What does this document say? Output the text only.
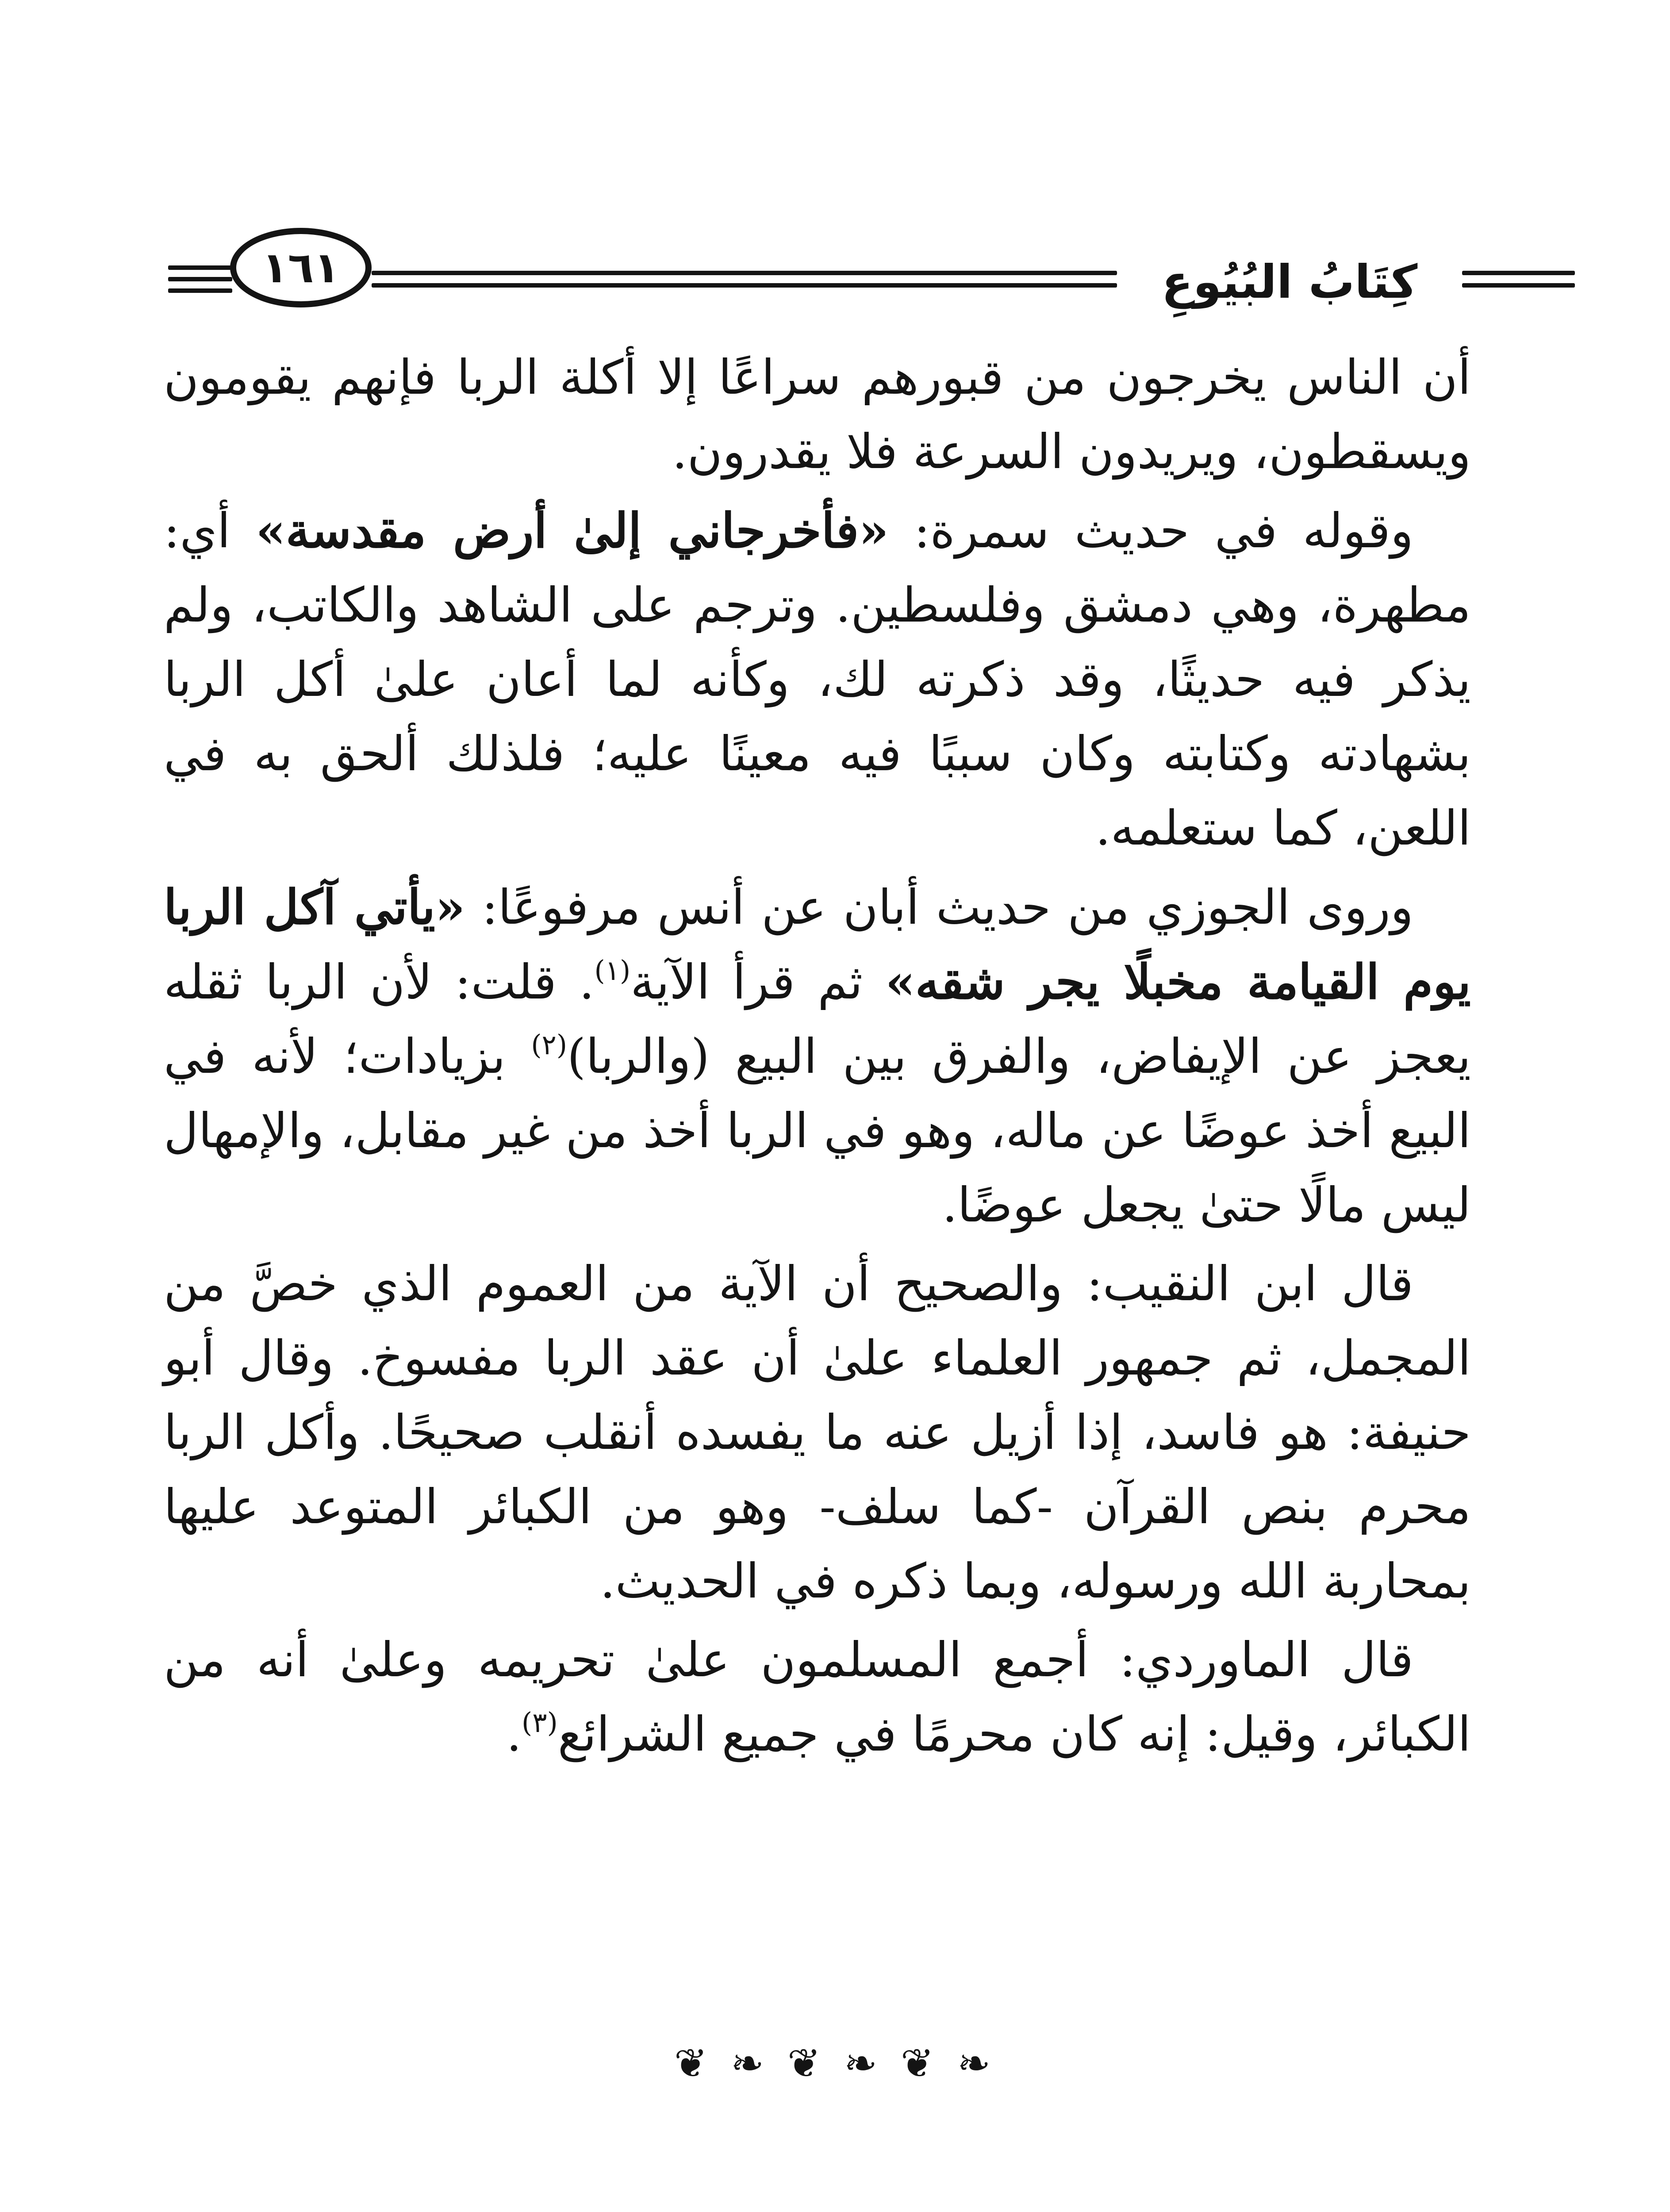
كِتَابُ البُيُوعِ
١٦١

أن الناس يخرجون من قبورهم سراعًا إلا أكلة الربا فإنهم يقومون ويسقطون، ويريدون السرعة فلا يقدرون.

وقوله في حديث سمرة: «فأخرجاني إلىٰ أرض مقدسة» أي: مطهرة، وهي دمشق وفلسطين. وترجم على الشاهد والكاتب، ولم يذكر فيه حديثًا، وقد ذكرته لك، وكأنه لما أعان علىٰ أكل الربا بشهادته وكتابته وكان سببًا فيه معينًا عليه؛ فلذلك ألحق به في اللعن، كما ستعلمه.

وروى الجوزي من حديث أبان عن أنس مرفوعًا: «يأتي آكل الربا يوم القيامة مخبلًا يجر شقه» ثم قرأ الآية$^{(١)}$. قلت: لأن الربا ثقله يعجز عن الإيفاض، والفرق بين البيع (والربا)$^{(٢)}$ بزيادات؛ لأنه في البيع أخذ عوضًا عن ماله، وهو في الربا أخذ من غير مقابل، والإمهال ليس مالًا حتىٰ يجعل عوضًا.

قال ابن النقيب: والصحيح أن الآية من العموم الذي خصَّ من المجمل، ثم جمهور العلماء علىٰ أن عقد الربا مفسوخ. وقال أبو حنيفة: هو فاسد، إذا أزيل عنه ما يفسده أنقلب صحيحًا. وأكل الربا محرم بنص القرآن -كما سلف- وهو من الكبائر المتوعد عليها بمحاربة الله ورسوله، وبما ذكره في الحديث.

قال الماوردي: أجمع المسلمون علىٰ تحريمه وعلىٰ أنه من الكبائر، وقيل: إنه كان محرمًا في جميع الشرائع$^{(٣)}$.

❧ ❦ ❧ ❦ ❧ ❦
